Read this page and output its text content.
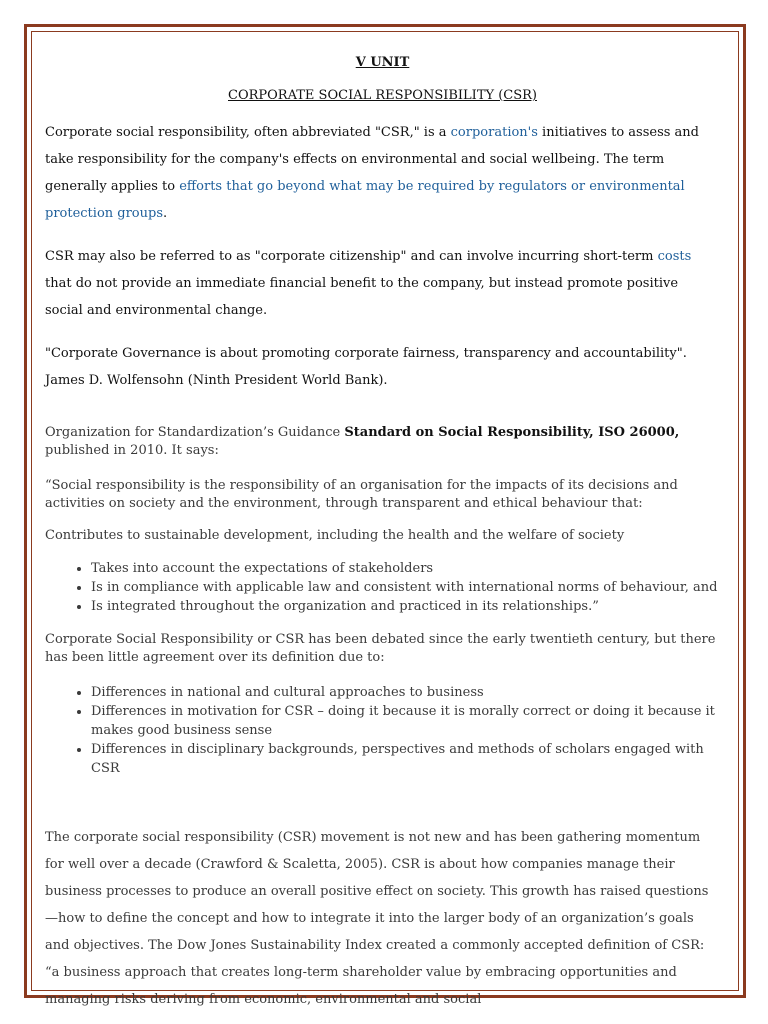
V UNIT
CORPORATE SOCIAL RESPONSIBILITY (CSR)

Corporate social responsibility, often abbreviated "CSR," is a corporation's initiatives to assess and take responsibility for the company's effects on environmental and social wellbeing. The term generally applies to efforts that go beyond what may be required by regulators or environmental protection groups.

CSR may also be referred to as "corporate citizenship" and can involve incurring short-term costs that do not provide an immediate financial benefit to the company, but instead promote positive social and environmental change.

"Corporate Governance is about promoting corporate fairness, transparency and accountability". James D. Wolfensohn (Ninth President World Bank).

Organization for Standardization’s Guidance Standard on Social Responsibility, ISO 26000, published in 2010. It says:

“Social responsibility is the responsibility of an organisation for the impacts of its decisions and activities on society and the environment, through transparent and ethical behaviour that:

Contributes to sustainable development, including the health and the welfare of society

• Takes into account the expectations of stakeholders
• Is in compliance with applicable law and consistent with international norms of behaviour, and
• Is integrated throughout the organization and practiced in its relationships.”

Corporate Social Responsibility or CSR has been debated since the early twentieth century, but there has been little agreement over its definition due to:

• Differences in national and cultural approaches to business
• Differences in motivation for CSR – doing it because it is morally correct or doing it because it makes good business sense
• Differences in disciplinary backgrounds, perspectives and methods of scholars engaged with CSR

The corporate social responsibility (CSR) movement is not new and has been gathering momentum for well over a decade (Crawford & Scaletta, 2005). CSR is about how companies manage their business processes to produce an overall positive effect on society. This growth has raised questions—how to define the concept and how to integrate it into the larger body of an organization’s goals and objectives. The Dow Jones Sustainability Index created a commonly accepted definition of CSR: “a business approach that creates long-term shareholder value by embracing opportunities and managing risks deriving from economic, environmental and social
